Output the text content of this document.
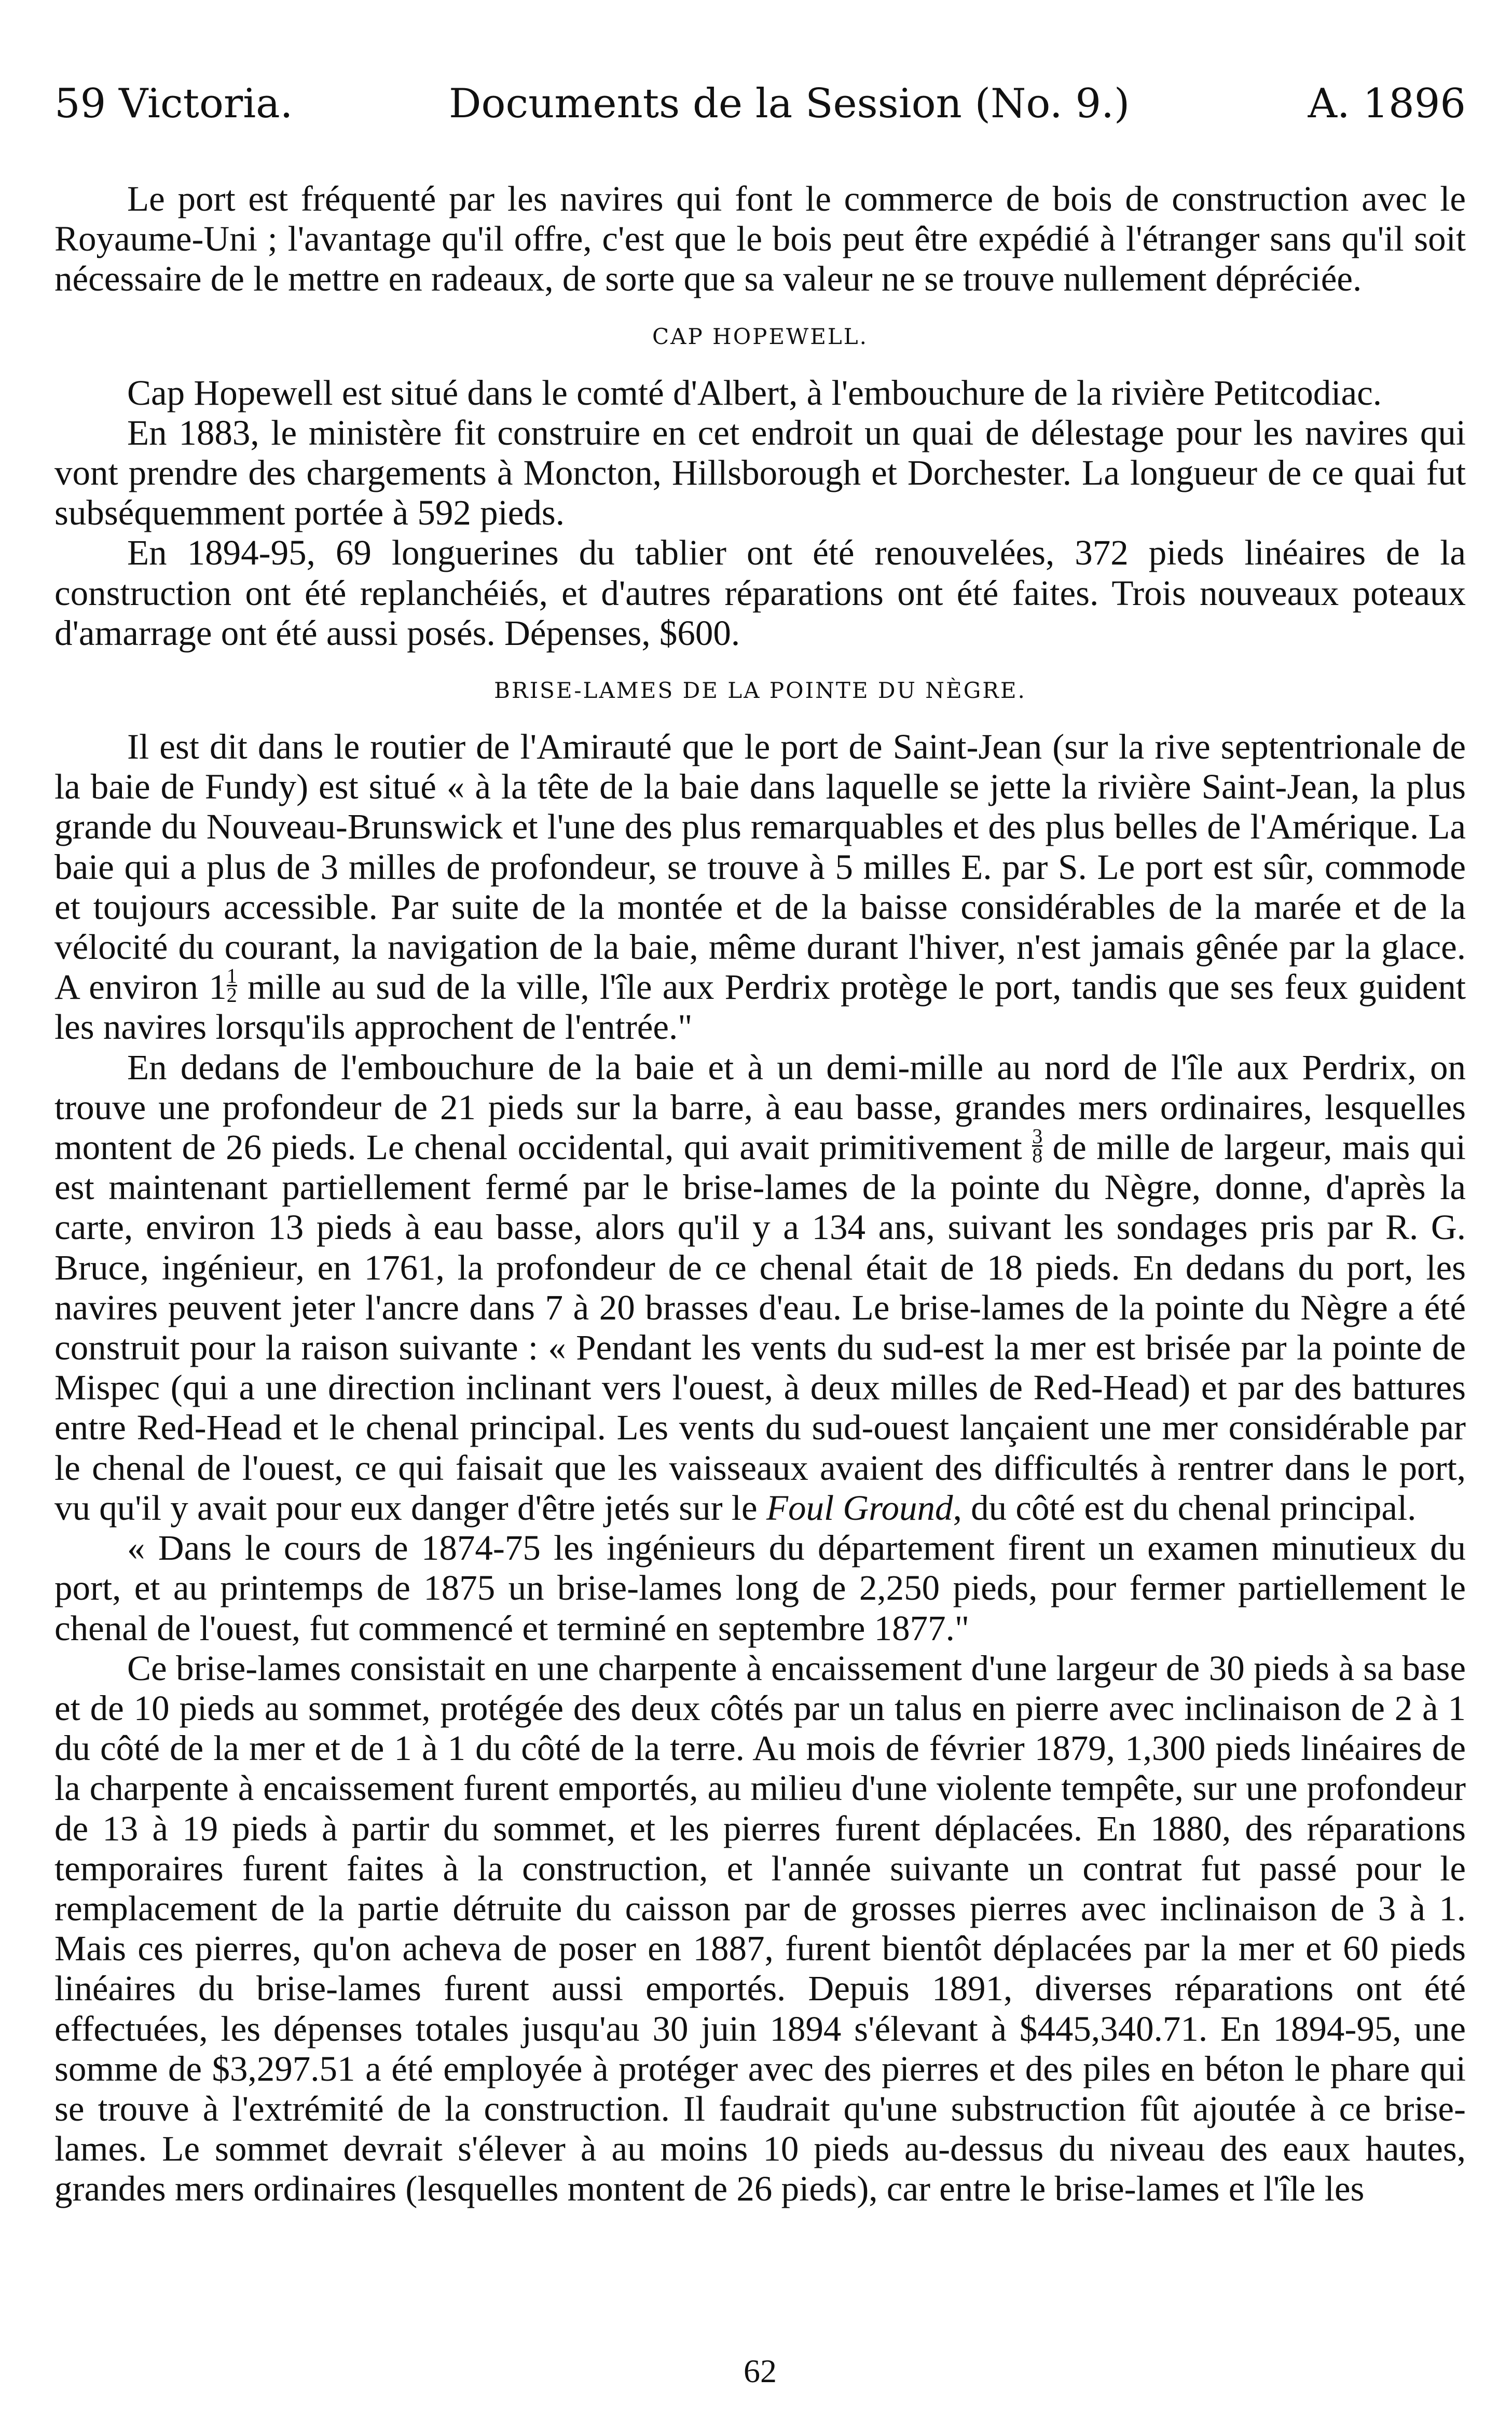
59 Victoria.	Documents de la Session (No. 9.)	A. 1896

Le port est fréquenté par les navires qui font le commerce de bois de construction avec le Royaume-Uni ; l'avantage qu'il offre, c'est que le bois peut être expédié à l'étranger sans qu'il soit nécessaire de le mettre en radeaux, de sorte que sa valeur ne se trouve nullement dépréciée.

CAP HOPEWELL.

Cap Hopewell est situé dans le comté d'Albert, à l'embouchure de la rivière Petitcodiac.

En 1883, le ministère fit construire en cet endroit un quai de délestage pour les navires qui vont prendre des chargements à Moncton, Hillsborough et Dorchester. La longueur de ce quai fut subséquemment portée à 592 pieds.

En 1894-95, 69 longuerines du tablier ont été renouvelées, 372 pieds linéaires de la construction ont été replanchéiés, et d'autres réparations ont été faites. Trois nouveaux poteaux d'amarrage ont été aussi posés. Dépenses, $600.

BRISE-LAMES DE LA POINTE DU NÈGRE.

Il est dit dans le routier de l'Amirauté que le port de Saint-Jean (sur la rive septentrionale de la baie de Fundy) est situé « à la tête de la baie dans laquelle se jette la rivière Saint-Jean, la plus grande du Nouveau-Brunswick et l'une des plus remarquables et des plus belles de l'Amérique. La baie qui a plus de 3 milles de profondeur, se trouve à 5 milles E. par S. Le port est sûr, commode et toujours accessible. Par suite de la montée et de la baisse considérables de la marée et de la vélocité du courant, la navigation de la baie, même durant l'hiver, n'est jamais gênée par la glace. A environ $1 \frac{1}{2}$ mille au sud de la ville, l'île aux Perdrix protège le port, tandis que ses feux guident les navires lorsqu'ils approchent de l'entrée."

En dedans de l'embouchure de la baie et à un demi-mille au nord de l'île aux Perdrix, on trouve une profondeur de 21 pieds sur la barre, à eau basse, grandes mers ordinaires, lesquelles montent de 26 pieds. Le chenal occidental, qui avait primitivement $\frac{3}{8}$ de mille de largeur, mais qui est maintenant partiellement fermé par le brise-lames de la pointe du Nègre, donne, d'après la carte, environ 13 pieds à eau basse, alors qu'il y a 134 ans, suivant les sondages pris par R. G. Bruce, ingénieur, en 1761, la profondeur de ce chenal était de 18 pieds. En dedans du port, les navires peuvent jeter l'ancre dans 7 à 20 brasses d'eau. Le brise-lames de la pointe du Nègre a été construit pour la raison suivante : « Pendant les vents du sud-est la mer est brisée par la pointe de Mispec (qui a une direction inclinant vers l'ouest, à deux milles de Red-Head) et par des battures entre Red-Head et le chenal principal. Les vents du sud-ouest lançaient une mer considérable par le chenal de l'ouest, ce qui faisait que les vaisseaux avaient des difficultés à rentrer dans le port, vu qu'il y avait pour eux danger d'être jetés sur le Foul Ground, du côté est du chenal principal.

« Dans le cours de 1874-75 les ingénieurs du département firent un examen minutieux du port, et au printemps de 1875 un brise-lames long de 2,250 pieds, pour fermer partiellement le chenal de l'ouest, fut commencé et terminé en septembre 1877."

Ce brise-lames consistait en une charpente à encaissement d'une largeur de 30 pieds à sa base et de 10 pieds au sommet, protégée des deux côtés par un talus en pierre avec inclinaison de 2 à 1 du côté de la mer et de 1 à 1 du côté de la terre. Au mois de février 1879, 1,300 pieds linéaires de la charpente à encaissement furent emportés, au milieu d'une violente tempête, sur une profondeur de 13 à 19 pieds à partir du sommet, et les pierres furent déplacées. En 1880, des réparations temporaires furent faites à la construction, et l'année suivante un contrat fut passé pour le remplacement de la partie détruite du caisson par de grosses pierres avec inclinaison de 3 à 1. Mais ces pierres, qu'on acheva de poser en 1887, furent bientôt déplacées par la mer et 60 pieds linéaires du brise-lames furent aussi emportés. Depuis 1891, diverses réparations ont été effectuées, les dépenses totales jusqu'au 30 juin 1894 s'élevant à $445,340.71. En 1894-95, une somme de $3,297.51 a été employée à protéger avec des pierres et des piles en béton le phare qui se trouve à l'extrémité de la construction. Il faudrait qu'une substruction fût ajoutée à ce brise-lames. Le sommet devrait s'élever à au moins 10 pieds au-dessus du niveau des eaux hautes, grandes mers ordinaires (lesquelles montent de 26 pieds), car entre le brise-lames et l'île les

62
